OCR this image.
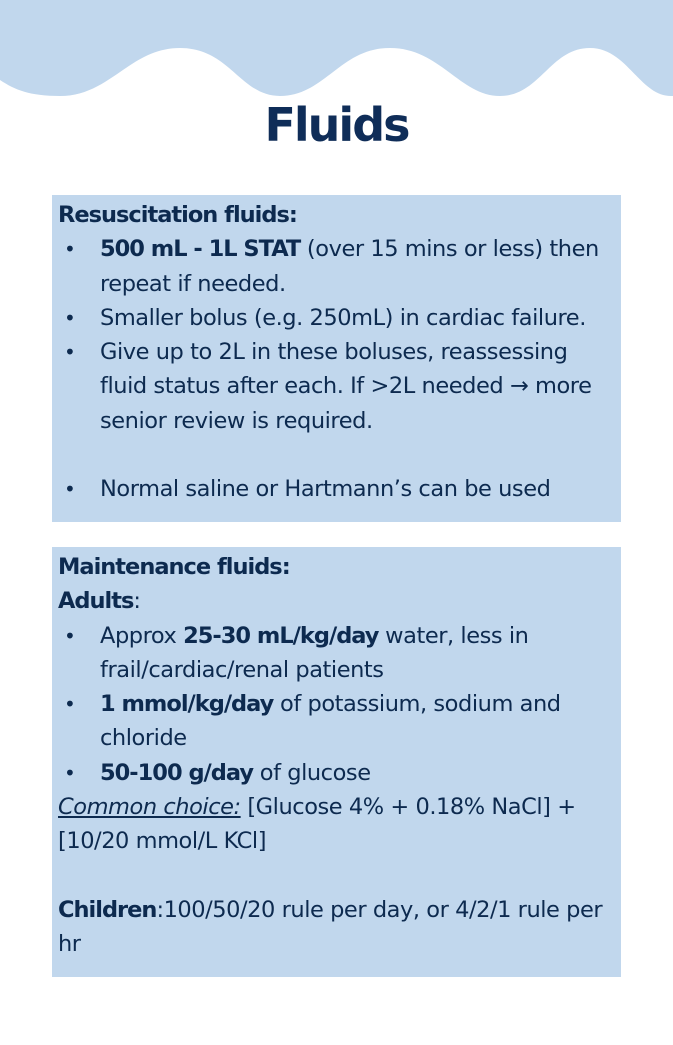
Fluids
Resuscitation fluids:
• 500 mL - 1L STAT (over 15 mins or less) then repeat if needed.
• Smaller bolus (e.g. 250mL) in cardiac failure.
• Give up to 2L in these boluses, reassessing fluid status after each. If >2L needed → more senior review is required.
• Normal saline or Hartmann’s can be used
Maintenance fluids:
Adults:
• Approx 25-30 mL/kg/day water, less in frail/cardiac/renal patients
• 1 mmol/kg/day of potassium, sodium and chloride
• 50-100 g/day of glucose
Common choice: [Glucose 4% + 0.18% NaCl] + [10/20 mmol/L KCl]
Children:100/50/20 rule per day, or 4/2/1 rule per hr
